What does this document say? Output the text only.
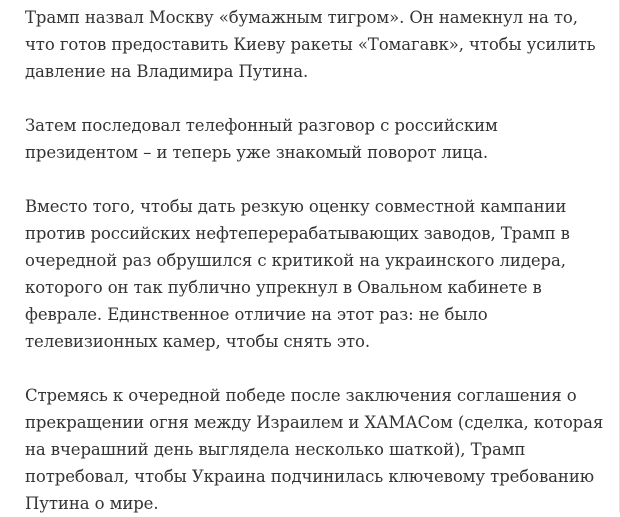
Трамп назвал Москву «бумажным тигром». Он намекнул на то,
что готов предоставить Киеву ракеты «Томагавк», чтобы усилить
давление на Владимира Путина.

Затем последовал телефонный разговор с российским
президентом – и теперь уже знакомый поворот лица.

Вместо того, чтобы дать резкую оценку совместной кампании
против российских нефтеперерабатывающих заводов, Трамп в
очередной раз обрушился с критикой на украинского лидера,
которого он так публично упрекнул в Овальном кабинете в
феврале. Единственное отличие на этот раз: не было
телевизионных камер, чтобы снять это.

Стремясь к очередной победе после заключения соглашения о
прекращении огня между Израилем и ХАМАСом (сделка, которая
на вчерашний день выглядела несколько шаткой), Трамп
потребовал, чтобы Украина подчинилась ключевому требованию
Путина о мире.
